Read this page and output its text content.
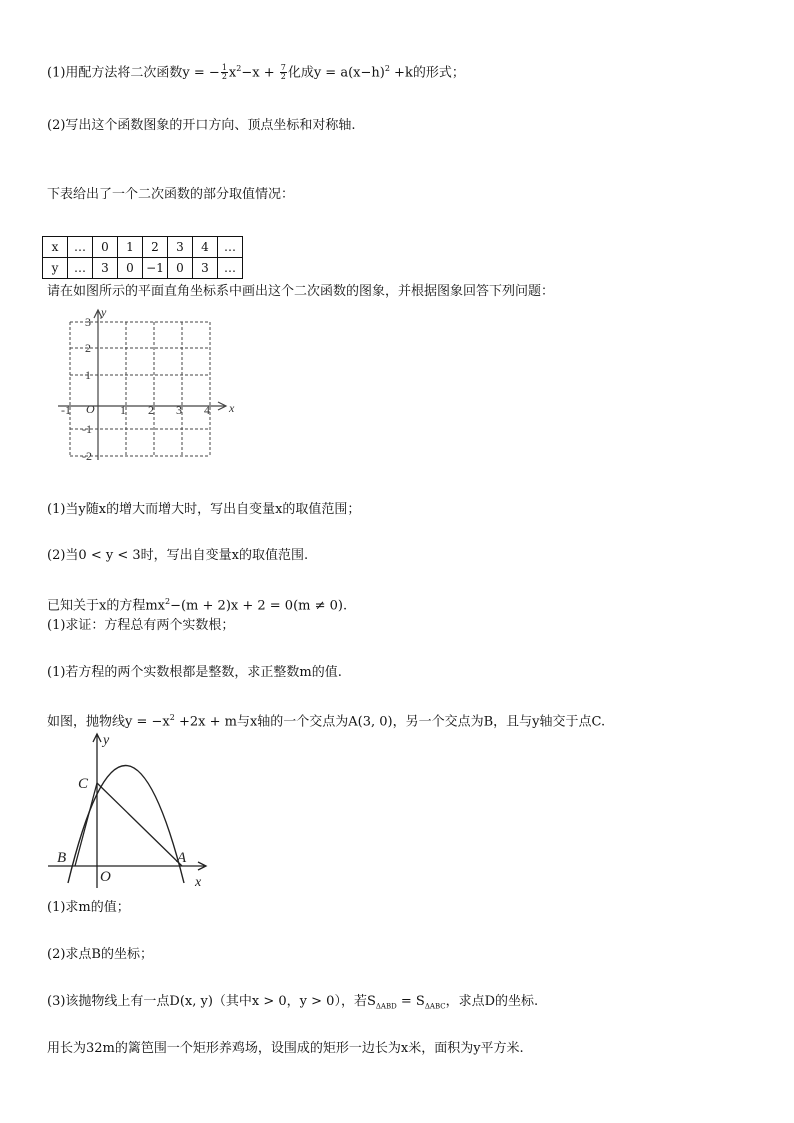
(1)用配方法将二次函数y = − $\frac{1}{2} x^2-x + \frac{7}{2}$ 化成$y = a(x-h)^2 +k$的形式；
(2)写出这个函数图象的开口方向、顶点坐标和对称轴.
下表给出了一个二次函数的部分取值情况：
x	…	0	1	2	3	4	…
y	…	3	0	−1	0	3	…
请在如图所示的平面直角坐标系中画出这个二次函数的图象，并根据图象回答下列问题：
x
y
O
-1	1 2 3 4
3
2
1
-1
-2
(1)当y随x的增大而增大时，写出自变量x的取值范围；
(2)当0 < y < 3时，写出自变量x的取值范围.
已知关于x的方程$mx^2-(m + 2)x + 2 = 0(m \ne 0)$.
(1)求证：方程总有两个实数根；
(1)若方程的两个实数根都是整数，求正整数m的值.
如图，抛物线$y = -x^2 +2x + m$与x轴的一个交点为A(3, 0)，另一个交点为B，且与y轴交于点C.
y
x
C
B	A
O
(1)求m的值；
(2)求点B的坐标；
(3)该抛物线上有一点D(x, y)（其中x > 0，y > 0），若$S_{\Delta ABD} = S_{\Delta ABC}$，求点D的坐标.
用长为32m的篱笆围一个矩形养鸡场，设围成的矩形一边长为x米，面积为y平方米.
